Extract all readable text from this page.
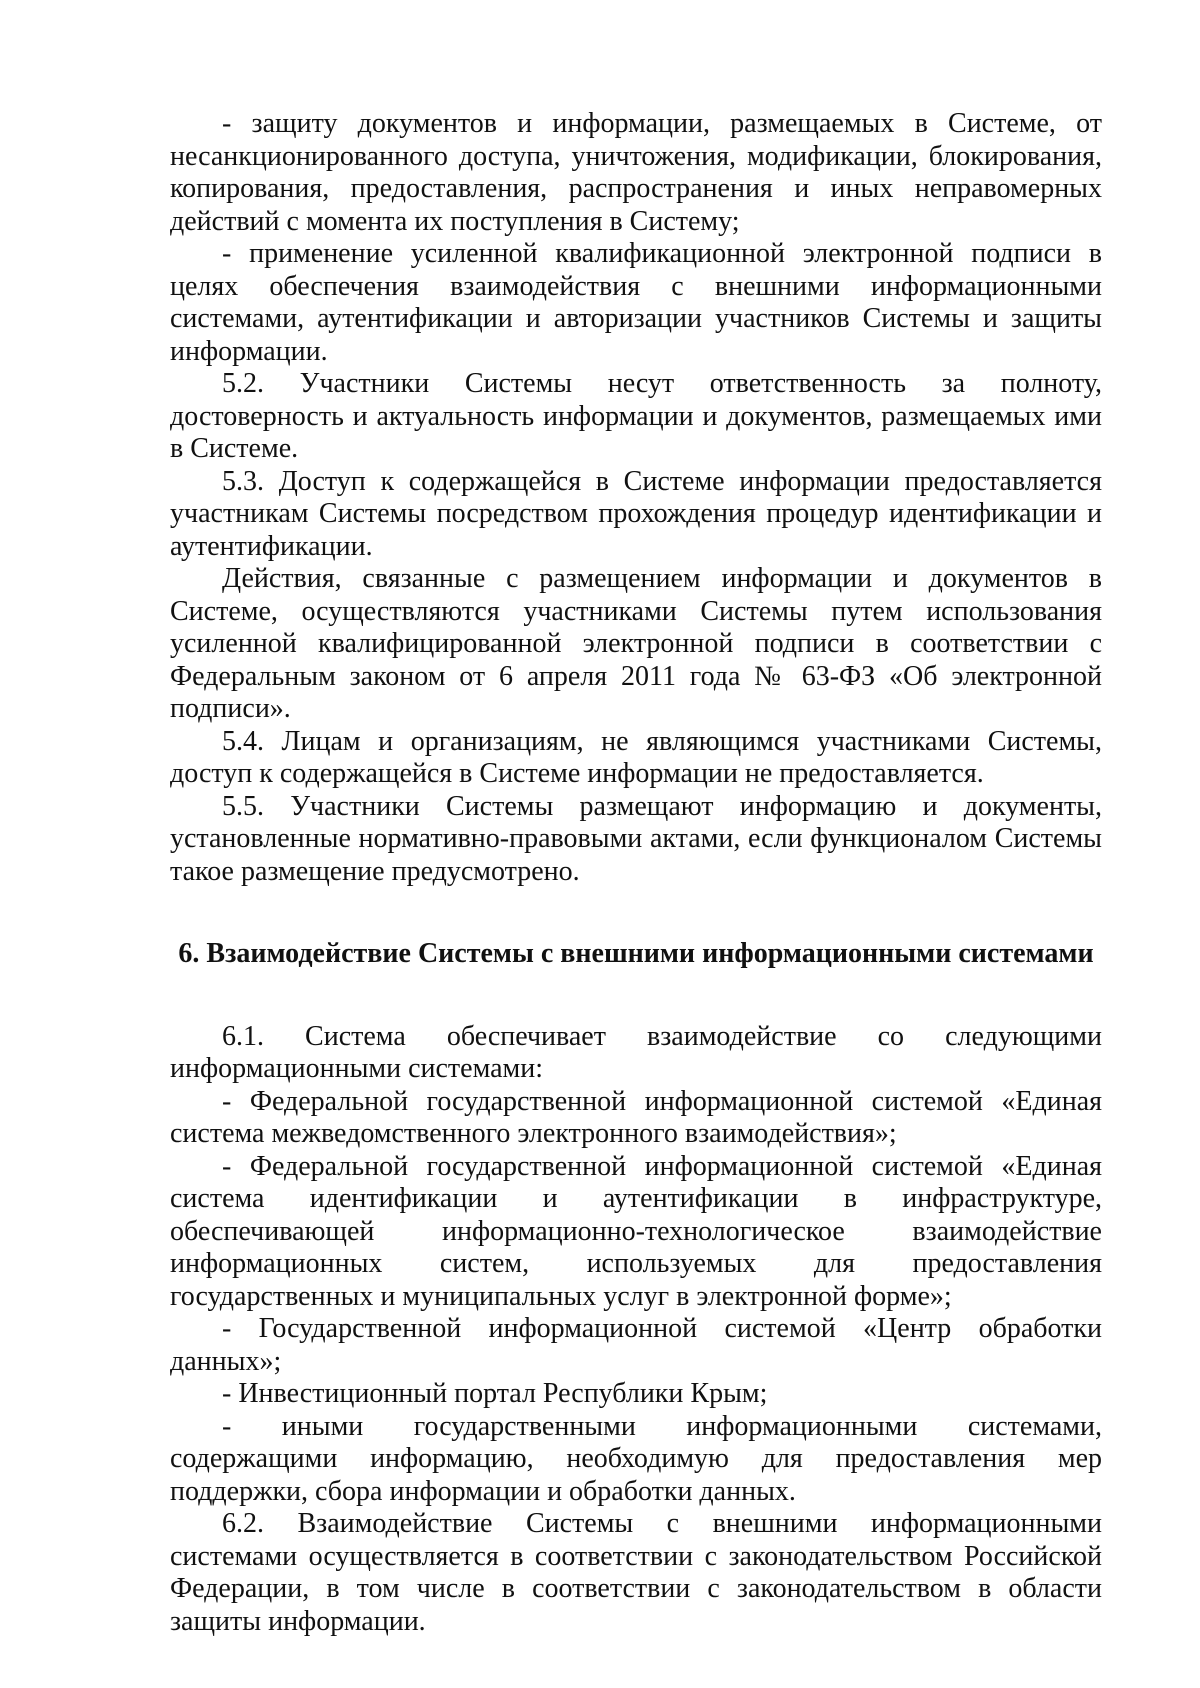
- защиту документов и информации, размещаемых в Системе, от несанкционированного доступа, уничтожения, модификации, блокирования, копирования, предоставления, распространения и иных неправомерных действий с момента их поступления в Систему;

- применение усиленной квалификационной электронной подписи в целях обеспечения взаимодействия с внешними информационными системами, аутентификации и авторизации участников Системы и защиты информации.

5.2. Участники Системы несут ответственность за полноту, достоверность и актуальность информации и документов, размещаемых ими в Системе.

5.3. Доступ к содержащейся в Системе информации предоставляется участникам Системы посредством прохождения процедур идентификации и аутентификации.

Действия, связанные с размещением информации и документов в Системе, осуществляются участниками Системы путем использования усиленной квалифицированной электронной подписи в соответствии с Федеральным законом от 6 апреля 2011 года № 63-ФЗ «Об электронной подписи».

5.4. Лицам и организациям, не являющимся участниками Системы, доступ к содержащейся в Системе информации не предоставляется.

5.5. Участники Системы размещают информацию и документы, установленные нормативно-правовыми актами, если функционалом Системы такое размещение предусмотрено.

6. Взаимодействие Системы с внешними информационными системами

6.1. Система обеспечивает взаимодействие со следующими информационными системами:

- Федеральной государственной информационной системой «Единая система межведомственного электронного взаимодействия»;

- Федеральной государственной информационной системой «Единая система идентификации и аутентификации в инфраструктуре, обеспечивающей информационно-технологическое взаимодействие информационных систем, используемых для предоставления государственных и муниципальных услуг в электронной форме»;

- Государственной информационной системой «Центр обработки данных»;

- Инвестиционный портал Республики Крым;

- иными государственными информационными системами, содержащими информацию, необходимую для предоставления мер поддержки, сбора информации и обработки данных.

6.2. Взаимодействие Системы с внешними информационными системами осуществляется в соответствии с законодательством Российской Федерации, в том числе в соответствии с законодательством в области защиты информации.
